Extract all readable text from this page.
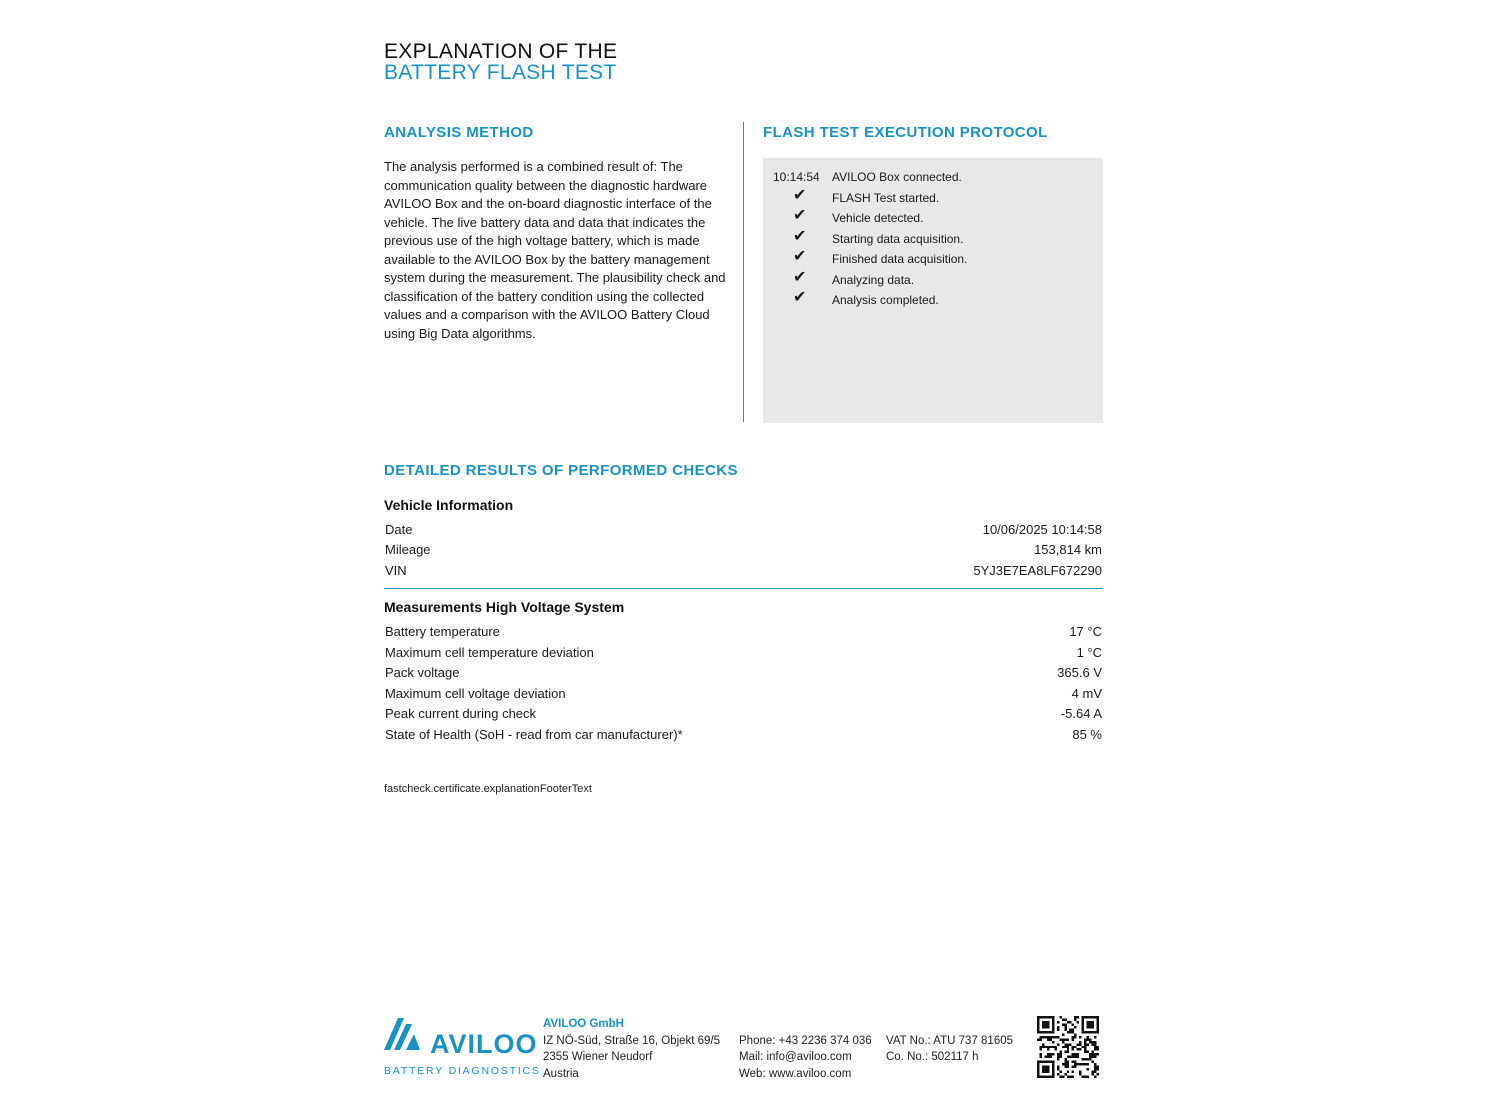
EXPLANATION OF THE
BATTERY FLASH TEST
ANALYSIS METHOD
The analysis performed is a combined result of: The communication quality between the diagnostic hardware AVILOO Box and the on-board diagnostic interface of the vehicle. The live battery data and data that indicates the previous use of the high voltage battery, which is made available to the AVILOO Box by the battery management system during the measurement. The plausibility check and classification of the battery condition using the collected values and a comparison with the AVILOO Battery Cloud using Big Data algorithms.
FLASH TEST EXECUTION PROTOCOL
10:14:54 AVILOO Box connected.
✔ FLASH Test started.
✔ Vehicle detected.
✔ Starting data acquisition.
✔ Finished data acquisition.
✔ Analyzing data.
✔ Analysis completed.
DETAILED RESULTS OF PERFORMED CHECKS
Vehicle Information
Date	10/06/2025 10:14:58
Mileage	153,814 km
VIN	5YJ3E7EA8LF672290
Measurements High Voltage System
Battery temperature	17 °C
Maximum cell temperature deviation	1 °C
Pack voltage	365.6 V
Maximum cell voltage deviation	4 mV
Peak current during check	-5.64 A
State of Health (SoH - read from car manufacturer)*	85 %
fastcheck.certificate.explanationFooterText
AVILOO
BATTERY DIAGNOSTICS
AVILOO GmbH
IZ NÖ-Süd, Straße 16, Objekt 69/5
2355 Wiener Neudorf
Austria
Phone: +43 2236 374 036
Mail: info@aviloo.com
Web: www.aviloo.com
VAT No.: ATU 737 81605
Co. No.: 502117 h
